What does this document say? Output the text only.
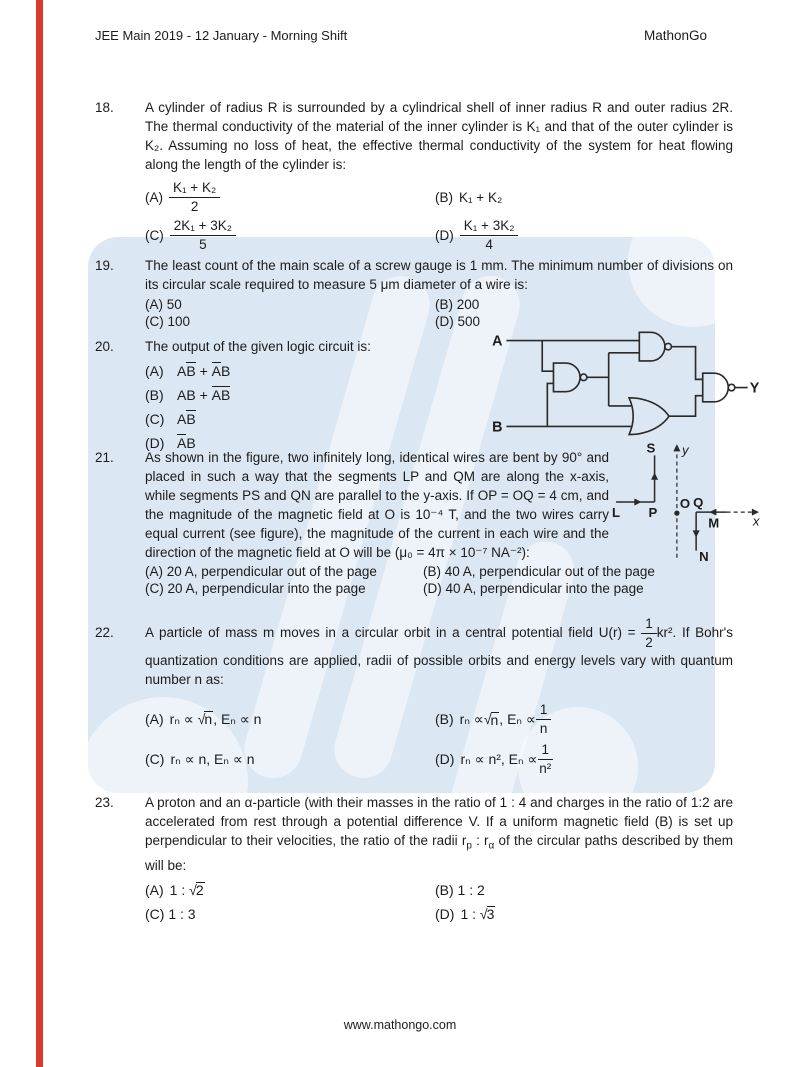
JEE Main 2019 - 12 January - Morning Shift	MathonGo
18.	A cylinder of radius R is surrounded by a cylindrical shell of inner radius R and outer radius 2R. The thermal conductivity of the material of the inner cylinder is K₁ and that of the outer cylinder is K₂. Assuming no loss of heat, the effective thermal conductivity of the system for heat flowing along the length of the cylinder is:
$(A) \frac{\text{K₁ + K₂}}{2}$	(B) K₁ + K₂
$(C) \frac{\text{2K₁ + 3K₂}}{5}$	$(D) \frac{\text{K₁ + 3K₂}}{4}$
19.	The least count of the main scale of a screw gauge is 1 mm. The minimum number of divisions on its circular scale required to measure 5 μm diameter of a wire is:
(A) 50	(B) 200
(C) 100	(D) 500
20.	The output of the given logic circuit is:
(A) AB + AB
(B) AB + AB
(C) AB
(D) AB
A
B
Y
21.	As shown in the figure, two infinitely long, identical wires are bent by 90° and placed in such a way that the segments LP and QM are along the x-axis, while segments PS and QN are parallel to the y-axis. If OP = OQ = 4 cm, and the magnitude of the magnetic field at O is 10⁻⁴ T, and the two wires carry equal current (see figure), the magnitude of the current in each wire and the direction of the magnetic field at O will be (μ₀ = 4π × 10⁻⁷ NA⁻²):
(A) 20 A, perpendicular out of the page	(B) 40 A, perpendicular out of the page
(C) 20 A, perpendicular into the page	(D) 40 A, perpendicular into the page
S
L P
y
O Q
M
N
x
22.	A particle of mass m moves in a circular orbit in a central potential field $U(r) = \frac{1}{2} kr^2$. If Bohr's quantization conditions are applied, radii of possible orbits and energy levels vary with quantum number n as:
(A) rₙ ∝ √n, Eₙ ∝ n	(B) rₙ ∝ √ n , $E_n \propto \frac{1}{n}$
(C) rₙ ∝ n, Eₙ ∝ n	(D) rₙ ∝ n², $E_n \propto \frac{1}{\text{n²}}$
23.	A proton and an α-particle (with their masses in the ratio of 1 : 4 and charges in the ratio of 1:2 are accelerated from rest through a potential difference V. If a uniform magnetic field (B) is set up perpendicular to their velocities, the ratio of the radii $r_p$ : $r_\alpha$ of the circular paths described by them will be:
(A) 1 : √2	(B) 1 : 2
(C) 1 : 3	(D) 1 : √3
www.mathongo.com
